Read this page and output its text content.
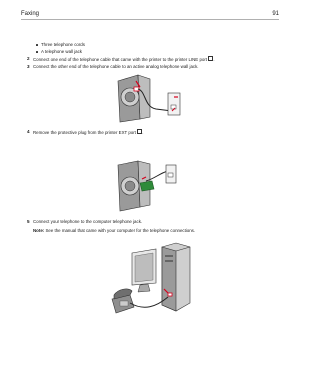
Faxing	91
Three telephone cords
A telephone wall jack
2 Connect one end of the telephone cable that came with the printer to the printer LINE port .
3 Connect the other end of the telephone cable to an active analog telephone wall jack.
4 Remove the protective plug from the printer EXT port .
5 Connect your telephone to the computer telephone jack.
Note: See the manual that came with your computer for the telephone connections.
